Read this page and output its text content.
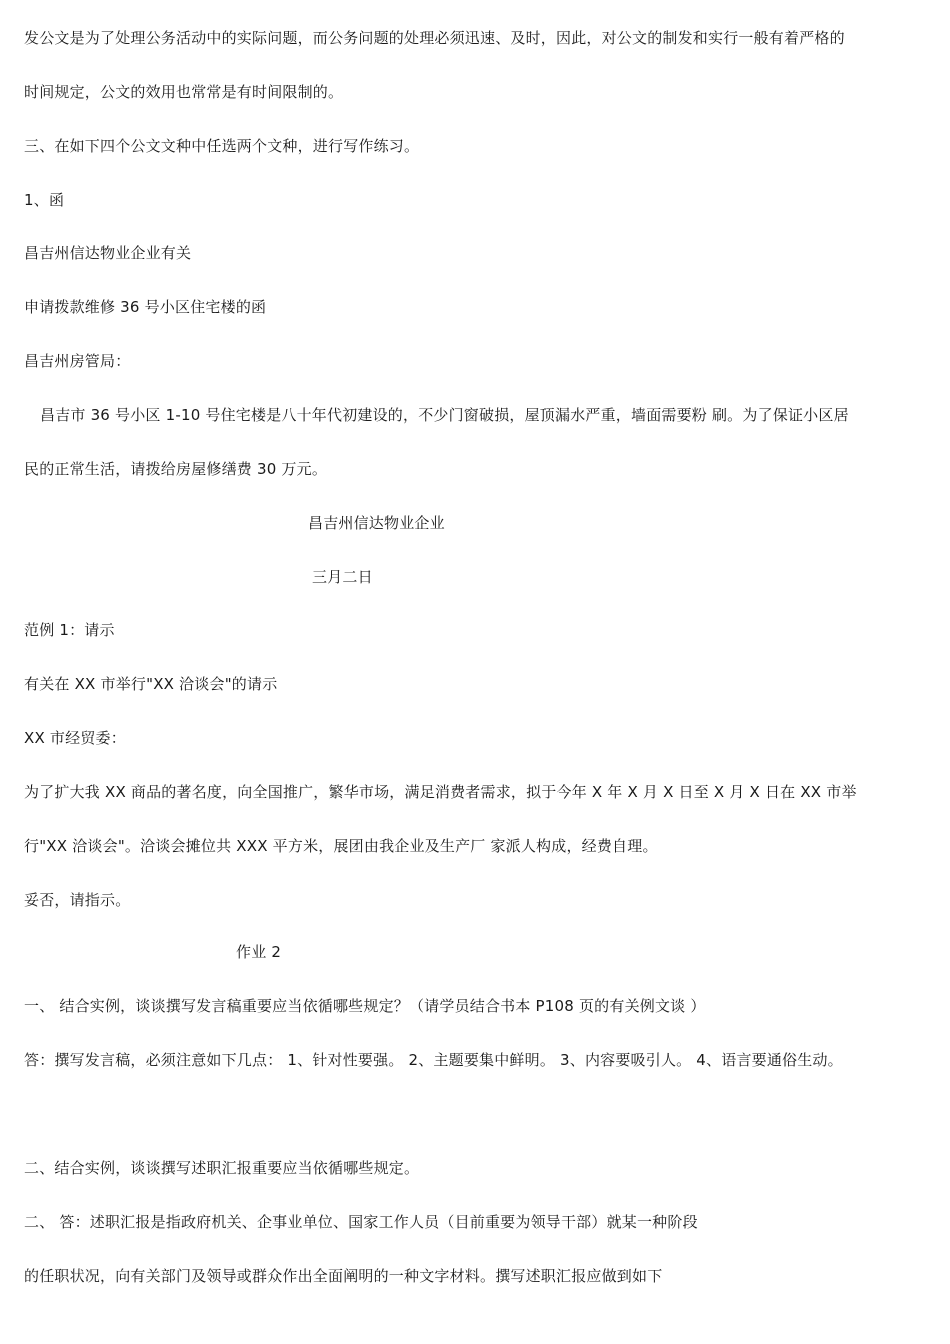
发公文是为了处理公务活动中的实际问题，而公务问题的处理必须迅速、及时，因此，对公文的制发和实行一般有着严格的
时间规定，公文的效用也常常是有时间限制的。
三、在如下四个公文文种中任选两个文种，进行写作练习。
1、函
昌吉州信达物业企业有关
申请拨款维修 36 号小区住宅楼的函
昌吉州房管局：
昌吉市 36 号小区 1-10 号住宅楼是八十年代初建设的，不少门窗破损，屋顶漏水严重，墙面需要粉 刷。为了保证小区居
民的正常生活，请拨给房屋修缮费 30 万元。
昌吉州信达物业企业
三月二日
范例 1：请示
有关在 XX 市举行"XX 洽谈会"的请示
XX 市经贸委：
为了扩大我 XX 商品的著名度，向全国推广，繁华市场，满足消费者需求，拟于今年 X 年 X 月 X 日至 X 月 X 日在 XX 市举
行"XX 洽谈会"。洽谈会摊位共 XXX 平方米，展团由我企业及生产厂 家派人构成，经费自理。
妥否，请指示。
作业 2
一、 结合实例，谈谈撰写发言稿重要应当依循哪些规定？（请学员结合书本 P108 页的有关例文谈 ）
答：撰写发言稿，必须注意如下几点： 1、针对性要强。 2、主题要集中鲜明。 3、内容要吸引人。 4、语言要通俗生动。
二、结合实例，谈谈撰写述职汇报重要应当依循哪些规定。
二、 答：述职汇报是指政府机关、企事业单位、国家工作人员（目前重要为领导干部）就某一种阶段
的任职状况，向有关部门及领导或群众作出全面阐明的一种文字材料。撰写述职汇报应做到如下
